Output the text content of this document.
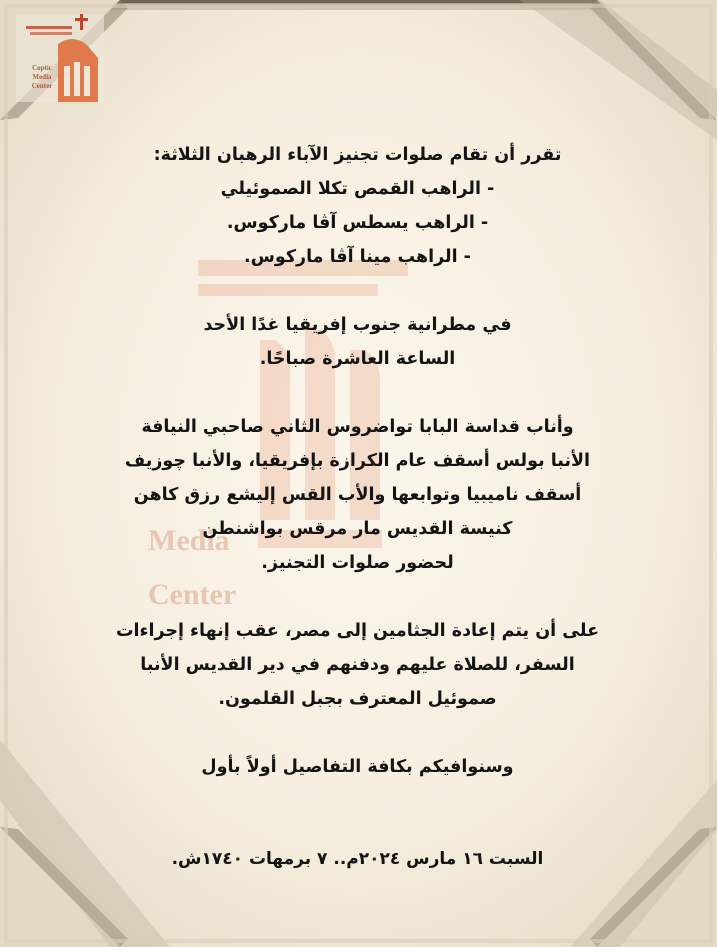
Media
Center
Coptic
Media
Center
تقرر أن تقام صلوات تجنيز الآباء الرهبان الثلاثة:
- الراهب القمص تكلا الصموئيلي
- الراهب يسطس آڤا ماركوس.
- الراهب مينا آڤا ماركوس.
في مطرانية جنوب إفريقيا غدًا الأحد
الساعة العاشرة صباحًا.
وأناب قداسة البابا تواضروس الثاني صاحبي النيافة
الأنبا بولس أسقف عام الكرازة بإفريقيا، والأنبا چوزيف
أسقف ناميبيا وتوابعها والأب القس إليشع رزق كاهن
كنيسة القديس مار مرقس بواشنطن
لحضور صلوات التجنيز.
على أن يتم إعادة الجثامين إلى مصر، عقب إنهاء إجراءات
السفر، للصلاة عليهم ودفنهم في دير القديس الأنبا
صموئيل المعترف بجبل القلمون.
وسنوافيكم بكافة التفاصيل أولاً بأول
السبت ١٦ مارس ٢٠٢٤م.. ٧ برمهات ١٧٤٠ش.
